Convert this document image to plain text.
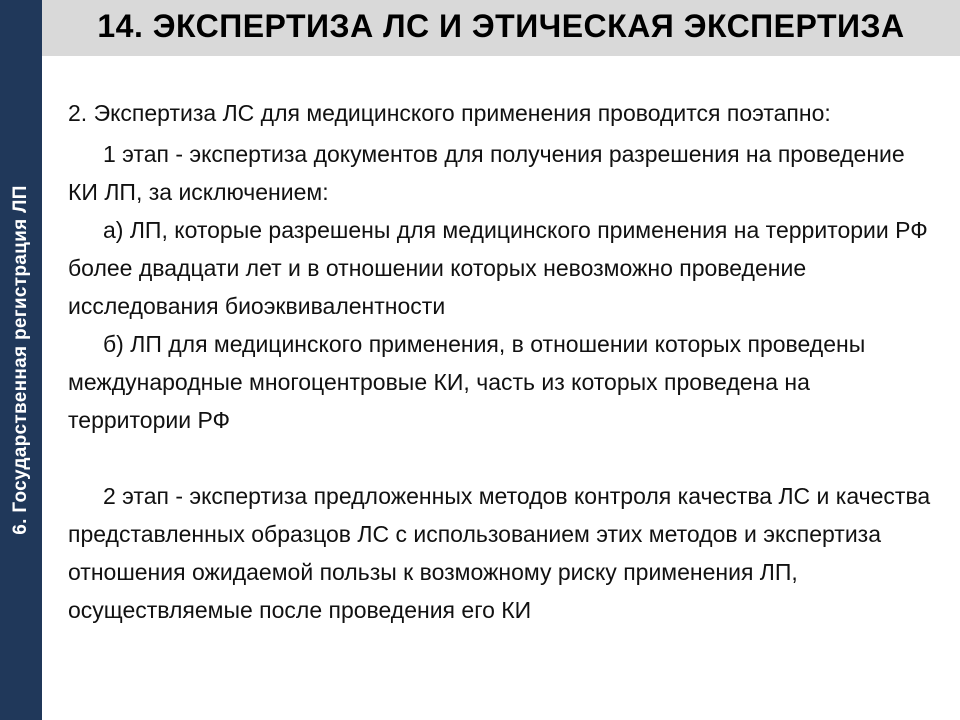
6. Государственная регистрация ЛП
14. ЭКСПЕРТИЗА ЛС И ЭТИЧЕСКАЯ ЭКСПЕРТИЗА

2. Экспертиза ЛС для медицинского применения проводится поэтапно:

1 этап - экспертиза документов для получения разрешения на проведение КИ ЛП, за исключением:

а) ЛП, которые разрешены для медицинского применения на территории РФ более двадцати лет и в отношении которых невозможно проведение исследования биоэквивалентности

б) ЛП для медицинского применения, в отношении которых проведены международные многоцентровые КИ, часть из которых проведена на территории РФ

2 этап - экспертиза предложенных методов контроля качества ЛС и качества представленных образцов ЛС с использованием этих методов и экспертиза отношения ожидаемой пользы к возможному риску применения ЛП, осуществляемые после проведения его КИ
